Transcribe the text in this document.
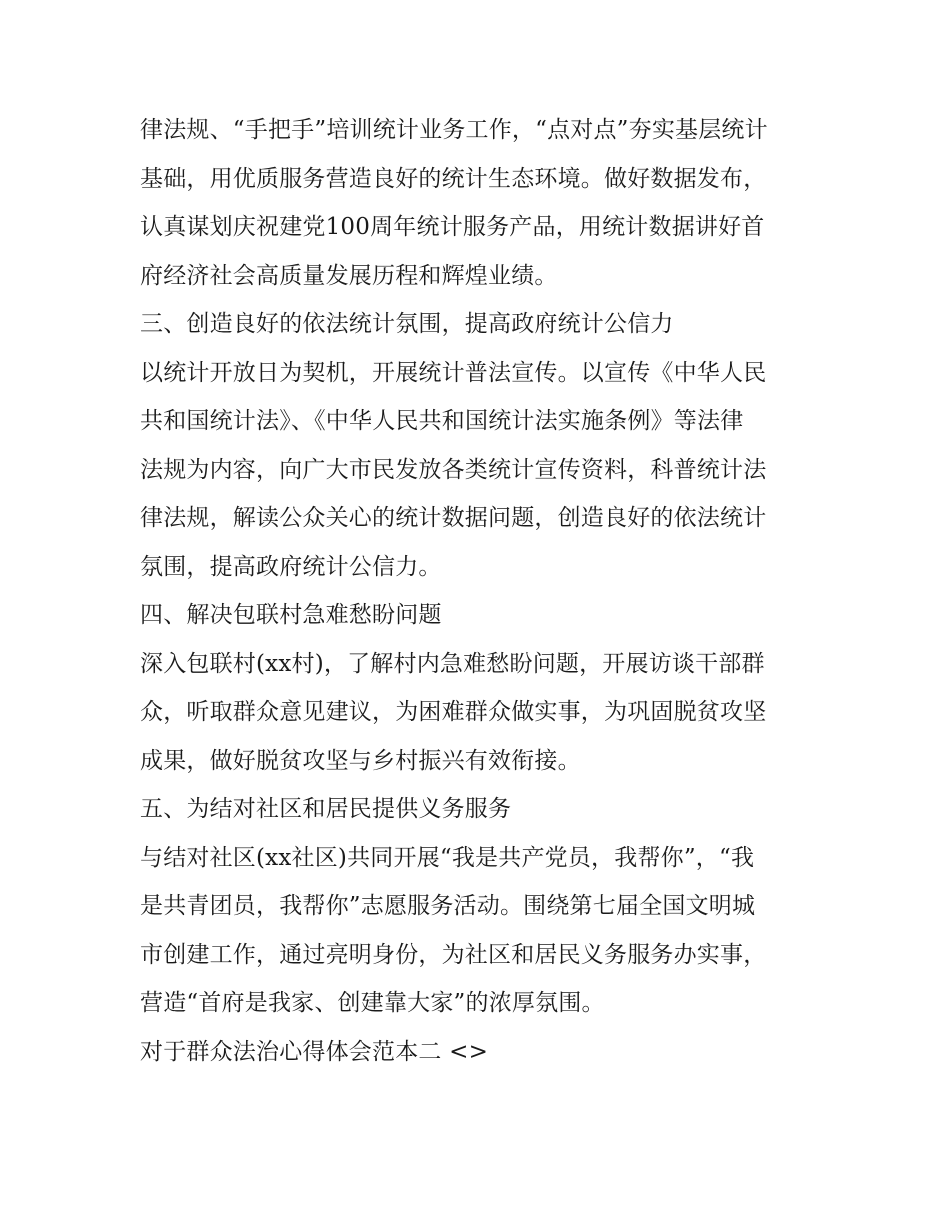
律法规、“手把手”培训统计业务工作，“点对点”夯实基层统计
基础，用优质服务营造良好的统计生态环境。做好数据发布，
认真谋划庆祝建党100周年统计服务产品，用统计数据讲好首
府经济社会高质量发展历程和辉煌业绩。
三、创造良好的依法统计氛围，提高政府统计公信力
以统计开放日为契机，开展统计普法宣传。以宣传《中华人民
共和国统计法》、《中华人民共和国统计法实施条例》等法律
法规为内容，向广大市民发放各类统计宣传资料，科普统计法
律法规，解读公众关心的统计数据问题，创造良好的依法统计
氛围，提高政府统计公信力。
四、解决包联村急难愁盼问题
深入包联村(xx村)，了解村内急难愁盼问题，开展访谈干部群
众，听取群众意见建议，为困难群众做实事，为巩固脱贫攻坚
成果，做好脱贫攻坚与乡村振兴有效衔接。
五、为结对社区和居民提供义务服务
与结对社区(xx社区)共同开展“我是共产党员，我帮你”，“我
是共青团员，我帮你”志愿服务活动。围绕第七届全国文明城
市创建工作，通过亮明身份，为社区和居民义务服务办实事，
营造“首府是我家、创建靠大家”的浓厚氛围。
对于群众法治心得体会范本二 <>
